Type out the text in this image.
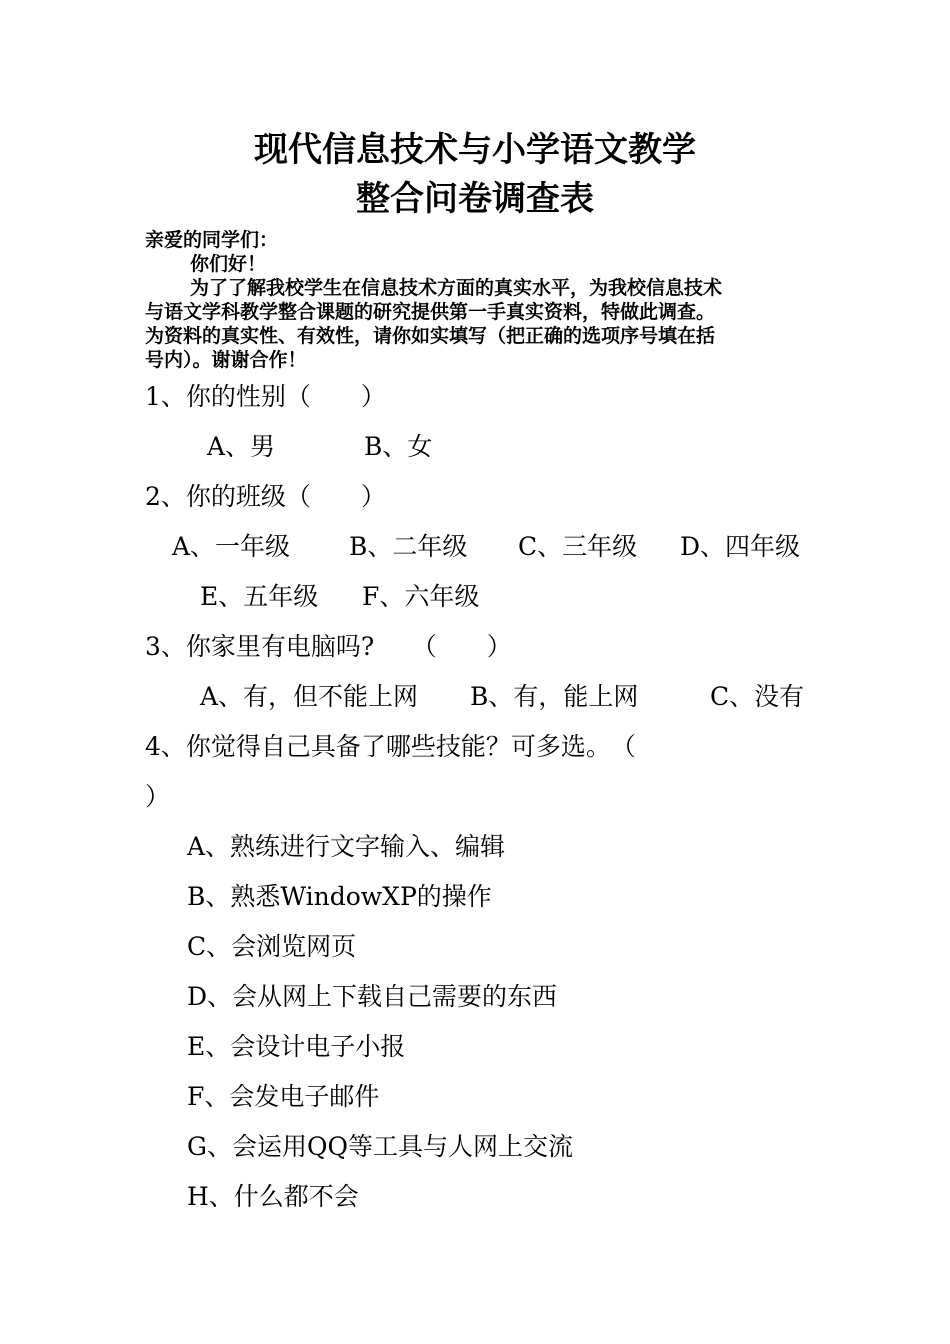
现代信息技术与小学语文教学
整合问卷调查表
亲爱的同学们：
你们好！
为了了解我校学生在信息技术方面的真实水平，为我校信息技术
与语文学科教学整合课题的研究提供第一手真实资料，特做此调查。
为资料的真实性、有效性，请你如实填写（把正确的选项序号填在括
号内）。谢谢合作！
1、你的性别（　　）
A、男	B、女
2、你的班级（　　）
A、一年级 B、二年级 C、三年级 D、四年级
E、五年级 F、六年级
3、你家里有电脑吗?　　（　　）
A、有，但不能上网 B、有，能上网	C、没有
4、你觉得自己具备了哪些技能？可多选。　（
）
A、熟练进行文字输入、编辑
B、熟悉WindowXP的操作
C、会浏览网页
D、会从网上下载自己需要的东西
E、会设计电子小报
F、会发电子邮件
G、会运用QQ等工具与人网上交流
H、什么都不会
